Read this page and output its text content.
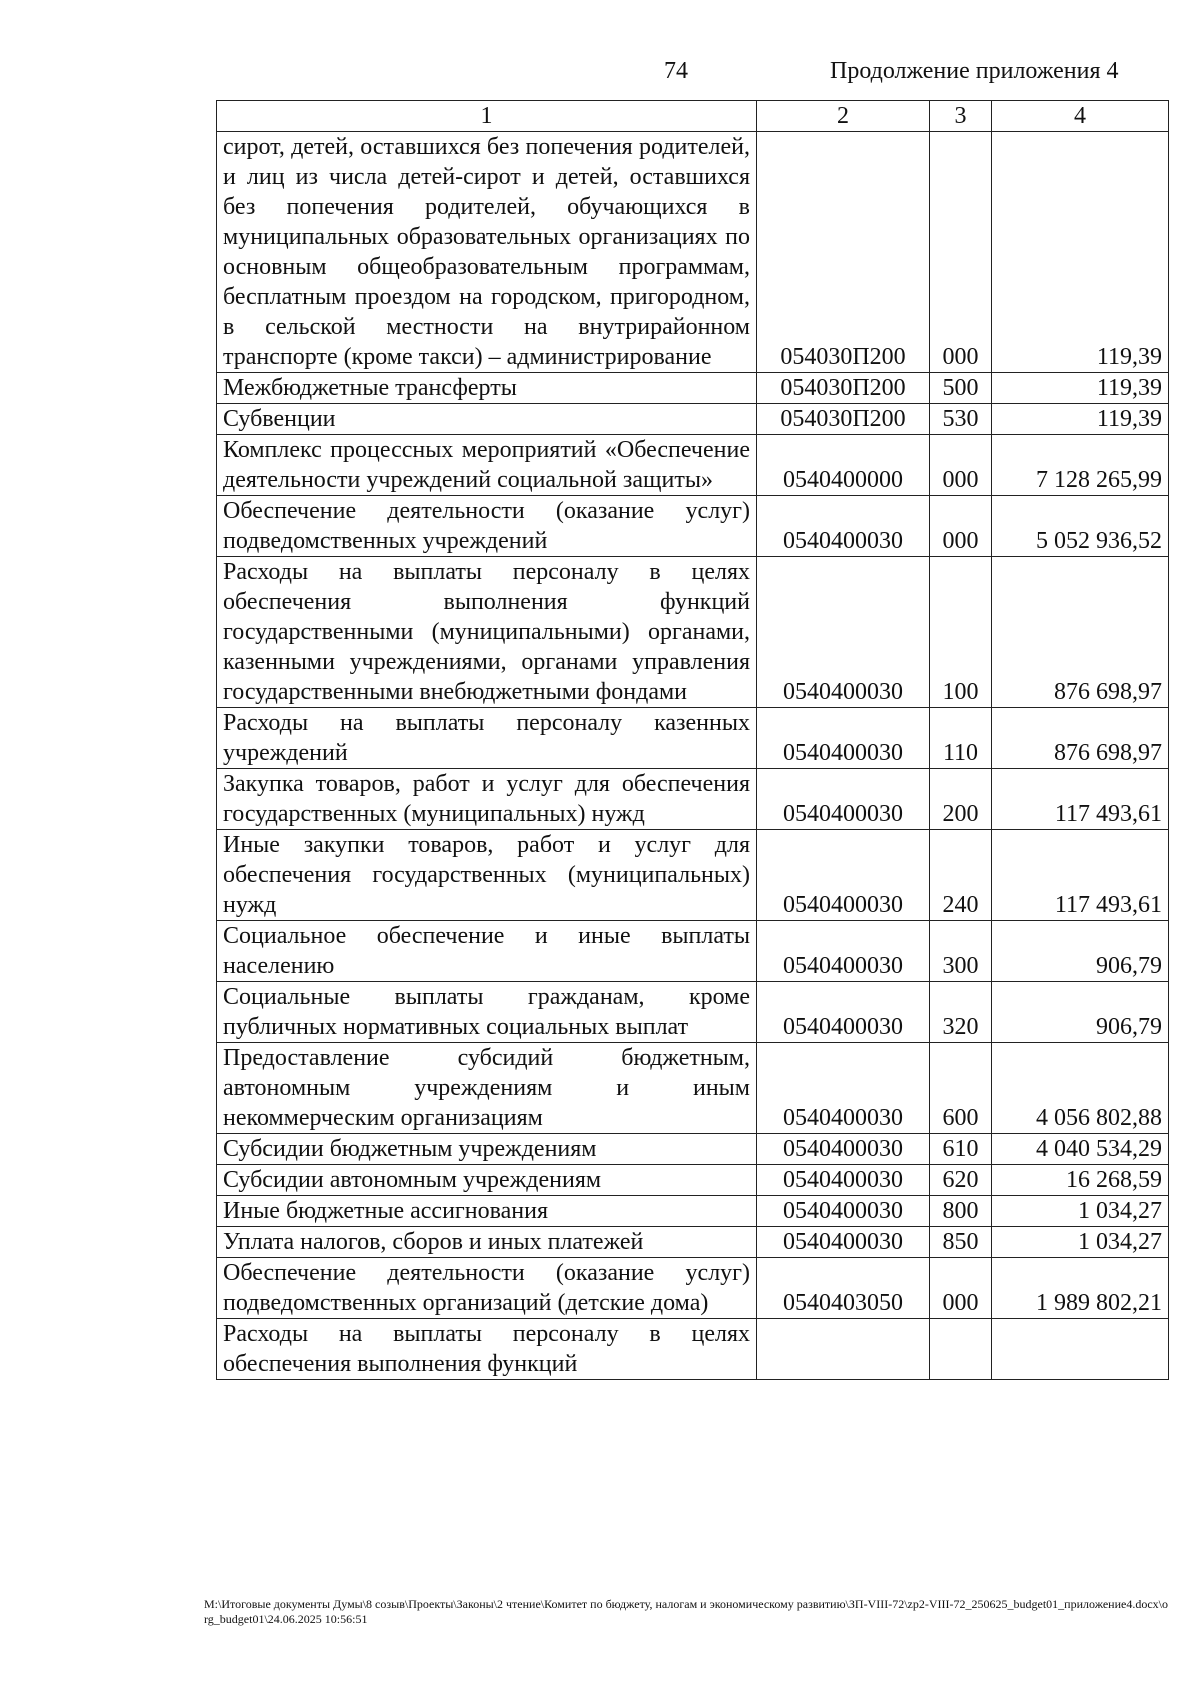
74	Продолжение приложения 4
1	2	3	4
сирот, детей, оставшихся без попечения родителей, и лиц из числа детей-сирот и детей, оставшихся без попечения родителей, обучающихся в муниципальных образовательных организациях по основным общеобразовательным программам, бесплатным проездом на городском, пригородном, в сельской местности на внутрирайонном транспорте (кроме такси) – администрирование	054030П200	000	119,39
Межбюджетные трансферты	054030П200	500	119,39
Субвенции	054030П200	530	119,39
Комплекс процессных мероприятий «Обеспечение деятельности учреждений социальной защиты»	0540400000	000	7 128 265,99
Обеспечение деятельности (оказание услуг) подведомственных учреждений	0540400030	000	5 052 936,52
Расходы на выплаты персоналу в целях обеспечения выполнения функций государственными (муниципальными) органами, казенными учреждениями, органами управления государственными внебюджетными фондами	0540400030	100	876 698,97
Расходы на выплаты персоналу казенных учреждений	0540400030	110	876 698,97
Закупка товаров, работ и услуг для обеспечения государственных (муниципальных) нужд	0540400030	200	117 493,61
Иные закупки товаров, работ и услуг для обеспечения государственных (муниципальных) нужд	0540400030	240	117 493,61
Социальное обеспечение и иные выплаты населению	0540400030	300	906,79
Социальные выплаты гражданам, кроме публичных нормативных социальных выплат	0540400030	320	906,79
Предоставление субсидий бюджетным, автономным учреждениям и иным некоммерческим организациям	0540400030	600	4 056 802,88
Субсидии бюджетным учреждениям	0540400030	610	4 040 534,29
Субсидии автономным учреждениям	0540400030	620	16 268,59
Иные бюджетные ассигнования	0540400030	800	1 034,27
Уплата налогов, сборов и иных платежей	0540400030	850	1 034,27
Обеспечение деятельности (оказание услуг) подведомственных организаций (детские дома)	0540403050	000	1 989 802,21
Расходы на выплаты персоналу в целях обеспечения выполнения функций			
M:\Итоговые документы Думы\8 созыв\Проекты\Законы\2 чтение\Комитет по бюджету, налогам и экономическому развитию\ЗП-VIII-72\zp2-VIII-72_250625_budget01_приложение4.docx\org_budget01\24.06.2025 10:56:51
